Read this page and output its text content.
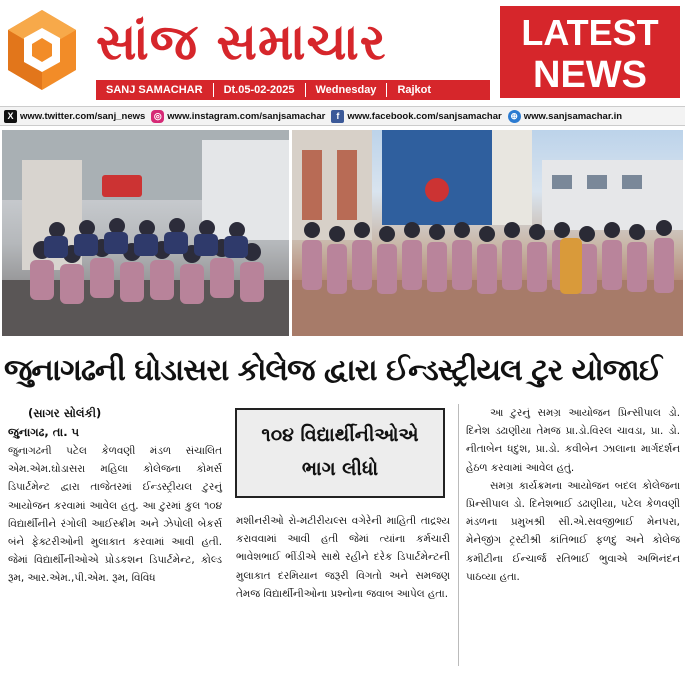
સાંજ સમાચાર
SANJ SAMACHAR	Dt.05-02-2025	Wednesday	Rajkot
LATEST
NEWS
X www.twitter.com/sanj_news ◎ www.instagram.com/sanjsamachar	f www.facebook.com/sanjsamachar ⊕ www.sanjsamachar.in
જુનાગઢની ઘોડાસરા કોલેજ દ્વારા ઈન્ડસ્ટ્રીયલ ટુર યોજાઈ

(સાગર સોલંકી)

જુનાગઢ, તા. ૫

જુનાગઢની પટેલ કેળવણી મંડળ સંચાલિત એમ.એમ.ઘોડાસરા મહિલા કોલેજના કોમર્સ ડિપાર્ટમેન્ટ દ્વારા તાજેતરમાં ઈન્ડસ્ટ્રીયલ ટુરનું આયોજન કરવામાં આવેલ હતુ. આ ટુરમાં કુલ ૧૦૪ વિદ્યાર્થીનીને રંગોલી આઈસ્ક્રીમ અને ઝેપોલી બેકર્સ બંને ફેક્ટરીઓની મુલાકાત કરવામાં આવી હતી. જેમાં વિદ્યાર્થીનીઓએ પ્રોડકશન ડિપાર્ટમેન્ટ, કોલ્ડ રૂમ, આર.એમ.,પી.એમ. રૂમ, વિવિધ

૧૦૪ વિદ્યાર્થીનીઓએ
ભાગ લીધો

મશીનરીઓ રો-મટીરીયલ્સ વગેરેની માહિતી તાદ્રશ્ય કરાવવામાં આવી હતી જેમાં ત્યાંના કર્મચારી ભાવેશભાઈ ભીંડીએ સાથે રહીને દરેક ડિપાર્ટમેન્ટની મુલાકાત દરમિયાન જરૂરી વિગતો અને સમજણ તેમજ વિદ્યાર્થીનીઓના પ્રશ્નોના જવાબ આપેલ હતા.

આ ટુરનું સમગ્ર આયોજન પ્રિન્સીપાલ ડો. દિનેશ ડઢાણીયા તેમજ પ્રા.ડો.વિરલ ચાવડા, પ્રા. ડો. નીતાબેન ધદુશ, પ્રા.ડો. કવીબેન ઝાલાના માર્ગદર્શન હેઠળ કરવામાં આવેલ હતું.

સમગ્ર કાર્યક્રમના આયોજન બદલ કોલેજના પ્રિન્સીપાલ ડો. દિનેશભાઈ ડઢાણીયા, પટેલ કેળવણી મંડળના પ્રમુખશ્રી સી.એ.સવજીભાઈ મેનપરા, મેનેજીંગ ટ્રસ્ટીશ્રી કાંતિભાઈ ફળદુ અને કોલેજ કમીટીના ઈન્ચાર્જ રતિભાઈ ભુવાએ અભિનંદન પાઠવ્યા હતા.
